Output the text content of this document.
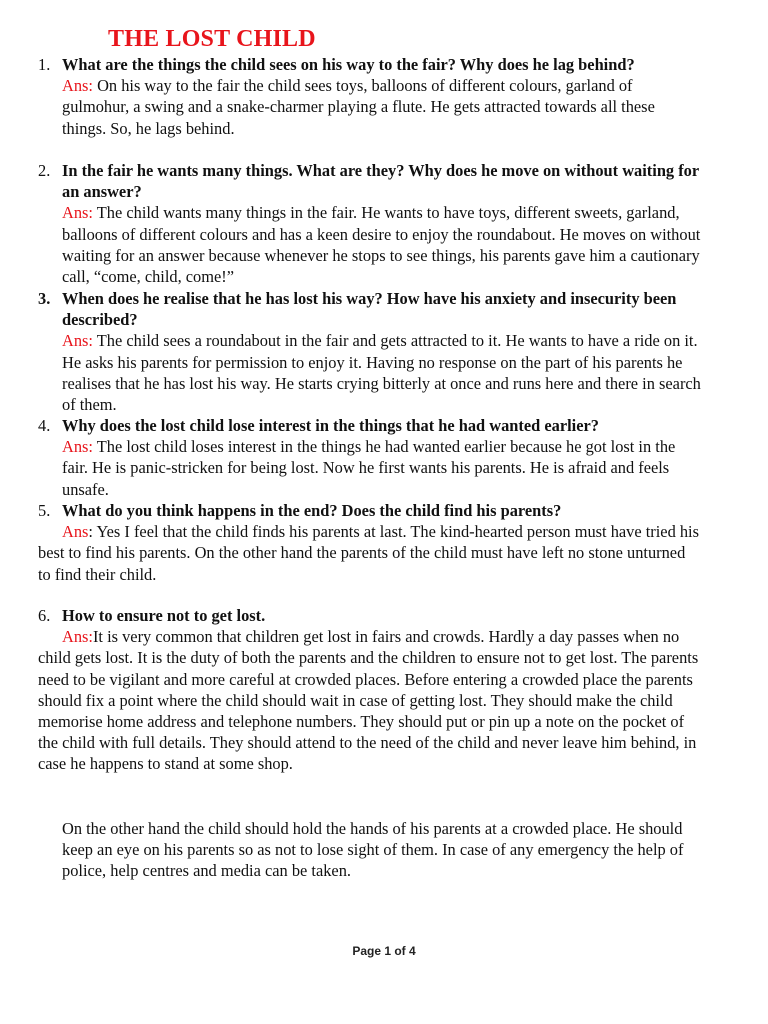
THE LOST CHILD
1. What are the things the child sees on his way to the fair? Why does he lag behind?

Ans: On his way to the fair the child sees toys, balloons of different colours, garland of gulmohur, a swing and a snake-charmer playing a flute. He gets attracted towards all these things. So, he lags behind.

2. In the fair he wants many things. What are they? Why does he move on without waiting for an answer?

Ans: The child wants many things in the fair. He wants to have toys, different sweets, garland, balloons of different colours and has a keen desire to enjoy the roundabout. He moves on without waiting for an answer because whenever he stops to see things, his parents gave him a cautionary call, “come, child, come!”

3. When does he realise that he has lost his way? How have his anxiety and insecurity been described?

Ans: The child sees a roundabout in the fair and gets attracted to it. He wants to have a ride on it. He asks his parents for permission to enjoy it. Having no response on the part of his parents he realises that he has lost his way. He starts crying bitterly at once and runs here and there in search of them.

4. Why does the lost child lose interest in the things that he had wanted earlier?

Ans: The lost child loses interest in the things he had wanted earlier because he got lost in the fair. He is panic-stricken for being lost. Now he first wants his parents. He is afraid and feels unsafe.

5. What do you think happens in the end? Does the child find his parents?

Ans: Yes I feel that the child finds his parents at last. The kind-hearted person must have tried his best to find his parents. On the other hand the parents of the child must have left no stone unturned to find their child.

6. How to ensure not to get lost.

Ans:It is very common that children get lost in fairs and crowds. Hardly a day passes when no child gets lost. It is the duty of both the parents and the children to ensure not to get lost. The parents need to be vigilant and more careful at crowded places. Before entering a crowded place the parents should fix a point where the child should wait in case of getting lost. They should make the child memorise home address and telephone numbers. They should put or pin up a note on the pocket of the child with full details. They should attend to the need of the child and never leave him behind, in case he happens to stand at some shop.

On the other hand the child should hold the hands of his parents at a crowded place. He should keep an eye on his parents so as not to lose sight of them. In case of any emergency the help of police, help centres and media can be taken.

Page 1 of 4
